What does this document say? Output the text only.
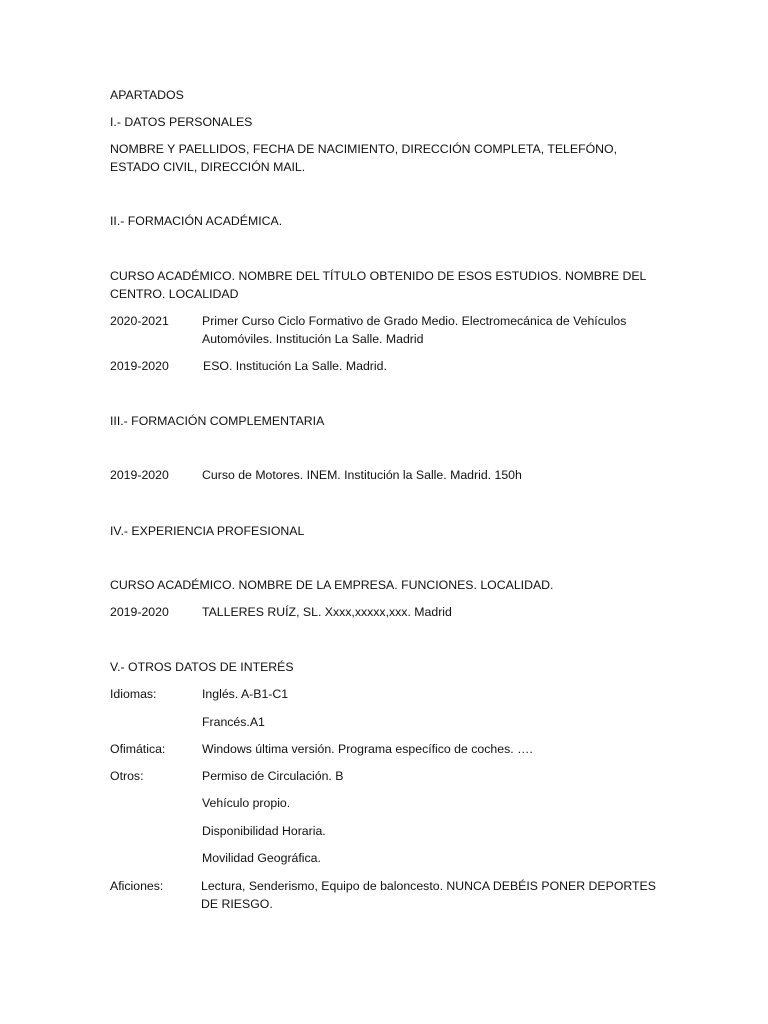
APARTADOS
I.- DATOS PERSONALES
NOMBRE Y PAELLIDOS, FECHA DE NACIMIENTO, DIRECCIÓN COMPLETA, TELEFÓNO, ESTADO CIVIL, DIRECCIÓN MAIL.
II.- FORMACIÓN ACADÉMICA.
CURSO ACADÉMICO. NOMBRE DEL TÍTULO OBTENIDO DE ESOS ESTUDIOS. NOMBRE DEL CENTRO. LOCALIDAD
2020-2021	Primer Curso Ciclo Formativo de Grado Medio. Electromecánica de Vehículos Automóviles. Institución La Salle. Madrid
2019-2020	ESO. Institución La Salle. Madrid.
III.- FORMACIÓN COMPLEMENTARIA
2019-2020	Curso de Motores. INEM. Institución la Salle. Madrid. 150h
IV.- EXPERIENCIA PROFESIONAL
CURSO ACADÉMICO. NOMBRE DE LA EMPRESA. FUNCIONES. LOCALIDAD.
2019-2020	TALLERES RUÍZ, SL. Xxxx,xxxxx,xxx. Madrid
V.- OTROS DATOS DE INTERÉS
Idiomas:	Inglés. A-B1-C1
Francés.A1
Ofimática:	Windows última versión. Programa específico de coches. ….
Otros:	Permiso de Circulación. B
Vehículo propio.
Disponibilidad Horaria.
Movilidad Geográfica.
Aficiones:	Lectura, Senderismo, Equipo de baloncesto. NUNCA DEBÉIS PONER DEPORTES DE RIESGO.
